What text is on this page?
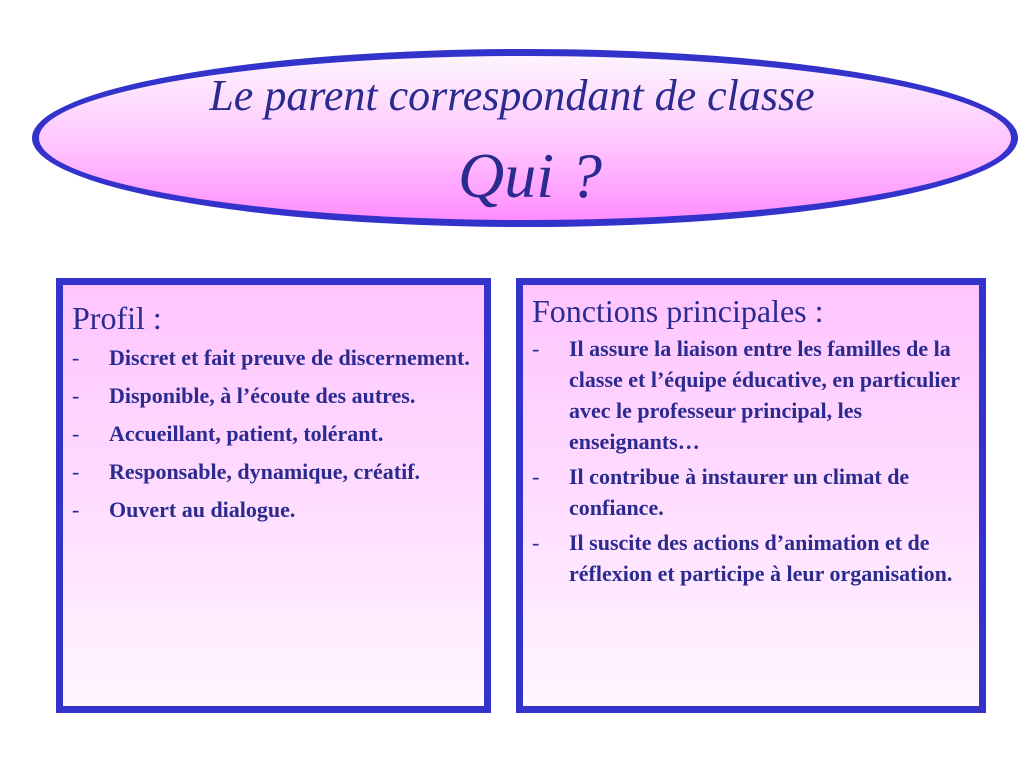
Le parent correspondant de classe
Qui ?
Profil :
- Discret et fait preuve de discernement.
- Disponible, à l’écoute des autres.
- Accueillant, patient, tolérant.
- Responsable, dynamique, créatif.
- Ouvert au dialogue.
Fonctions principales :
- Il assure la liaison entre les familles de la classe et l’équipe éducative, en particulier avec le professeur principal, les enseignants…
- Il contribue à instaurer un climat de confiance.
- Il suscite des actions d’animation et de réflexion et participe à leur organisation.
